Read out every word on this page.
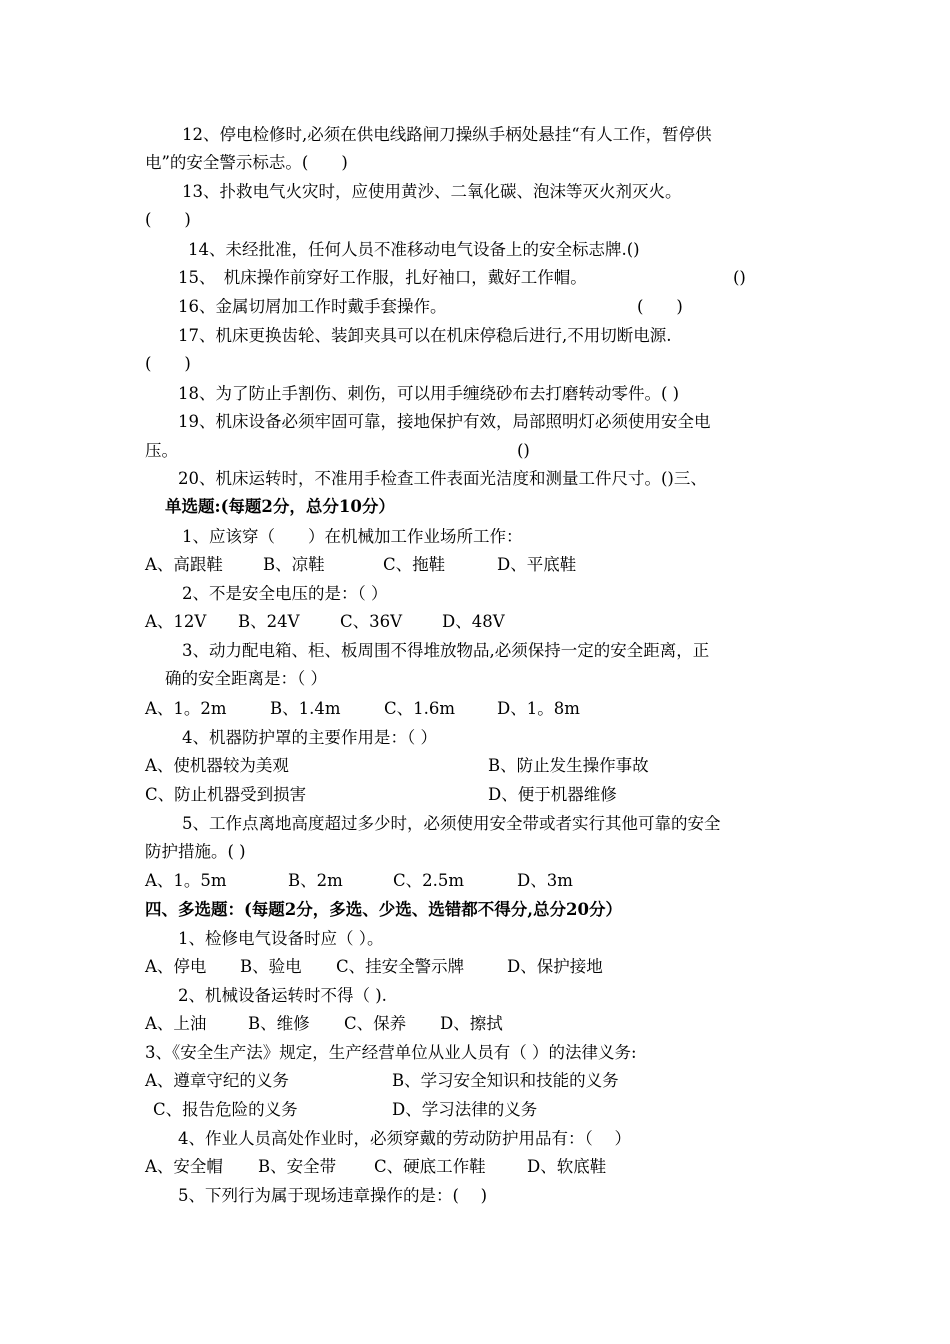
12、停电检修时,必须在供电线路闸刀操纵手柄处悬挂“有人工作，暂停供
电”的安全警示标志。(　　)
13、扑救电气火灾时，应使用黄沙、二氧化碳、泡沫等灭火剂灭火。
(　　)
14、未经批准，任何人员不准移动电气设备上的安全标志牌.()
15、　机床操作前穿好工作服，扎好袖口，戴好工作帽。	()
16、金属切屑加工作时戴手套操作。	(　　)
17、机床更换齿轮、装卸夹具可以在机床停稳后进行,不用切断电源.
(　　)
18、为了防止手割伤、刺伤，可以用手缠绕砂布去打磨转动零件。( )
19、机床设备必须牢固可靠，接地保护有效，局部照明灯必须使用安全电
压。	()
20、机床运转时，不准用手检查工件表面光洁度和测量工件尺寸。()三、
单选题:(每题2分，总分10分）
1、应该穿（　　）在机械加工作业场所工作：
A、高跟鞋 B、凉鞋	C、拖鞋	D、平底鞋
2、不是安全电压的是：（ ）
A、12V B、24V C、36V D、48V
3、动力配电箱、柜、板周围不得堆放物品,必须保持一定的安全距离，正
确的安全距离是：（ ）
A、1。2m	B、1.4m	C、1.6m	D、1。8m
4、机器防护罩的主要作用是：（ ）
A、使机器较为美观	B、防止发生操作事故
C、防止机器受到损害	D、便于机器维修
5、工作点离地高度超过多少时，必须使用安全带或者实行其他可靠的安全
防护措施。( )
A、1。5m	B、2m	C、2.5m	D、3m
四、多选题：(每题2分，多选、少选、选错都不得分,总分20分）
1、检修电气设备时应（ ）。
A、停电 B、验电 C、挂安全警示牌	D、保护接地
2、机械设备运转时不得（ ).
A、上油	B、维修 C、保养 D、擦拭
3、《安全生产法》规定，生产经营单位从业人员有（ ）的法律义务:
A、遵章守纪的义务	B、学习安全知识和技能的义务
C、报告危险的义务	D、学习法律的义务
4、作业人员高处作业时，必须穿戴的劳动防护用品有：（　 ）
A、安全帽 B、安全带 C、硬底工作鞋	D、软底鞋
5、下列行为属于现场违章操作的是：(　 )
